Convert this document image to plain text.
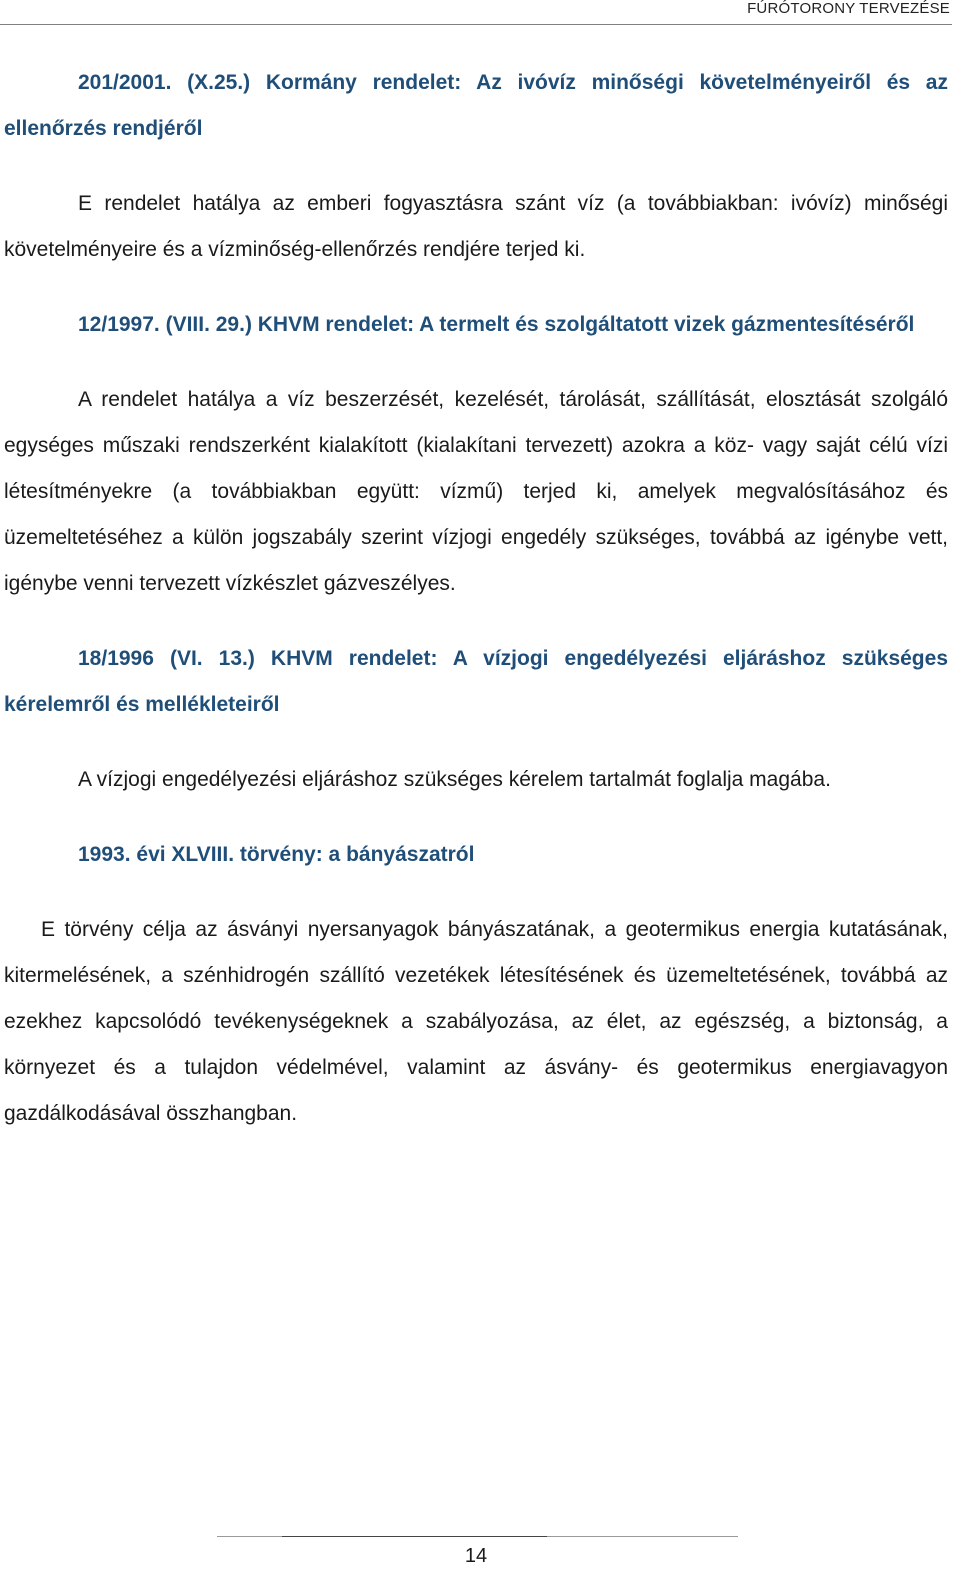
FÚRÓTORONY TERVEZÉSE

201/2001. (X.25.) Kormány rendelet: Az ivóvíz minőségi követelményeiről és az ellenőrzés rendjéről

E rendelet hatálya az emberi fogyasztásra szánt víz (a továbbiakban: ivóvíz) minőségi követelményeire és a vízminőség-ellenőrzés rendjére terjed ki.

12/1997. (VIII. 29.) KHVM rendelet: A termelt és szolgáltatott vizek gázmentesítéséről

A rendelet hatálya a víz beszerzését, kezelését, tárolását, szállítását, elosztását szolgáló egységes műszaki rendszerként kialakított (kialakítani tervezett) azokra a köz- vagy saját célú vízi létesítményekre (a továbbiakban együtt: vízmű) terjed ki, amelyek megvalósításához és üzemeltetéséhez a külön jogszabály szerint vízjogi engedély szükséges, továbbá az igénybe vett, igénybe venni tervezett vízkészlet gázveszélyes.

18/1996 (VI. 13.) KHVM rendelet: A vízjogi engedélyezési eljáráshoz szükséges kérelemről és mellékleteiről

A vízjogi engedélyezési eljáráshoz szükséges kérelem tartalmát foglalja magába.

1993. évi XLVIII. törvény: a bányászatról

E törvény célja az ásványi nyersanyagok bányászatának, a geotermikus energia kutatásának, kitermelésének, a szénhidrogén szállító vezetékek létesítésének és üzemeltetésének, továbbá az ezekhez kapcsolódó tevékenységeknek a szabályozása, az élet, az egészség, a biztonság, a környezet és a tulajdon védelmével, valamint az ásvány- és geotermikus energiavagyon gazdálkodásával összhangban.

14
